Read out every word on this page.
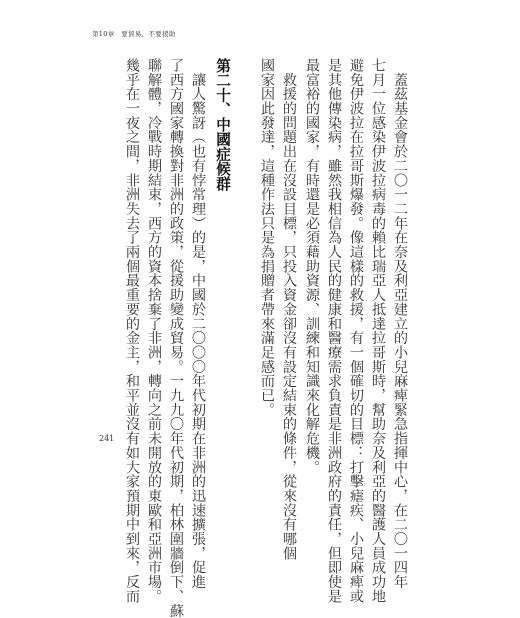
第10章　要貿易，不要援助
　蓋茲基金會於二〇一二年在奈及利亞建立的小兒麻痺緊急指揮中心，在二〇一四年
七月一位感染伊波拉病毒的賴比瑞亞人抵達拉哥斯時，幫助奈及利亞的醫護人員成功地
避免伊波拉在拉哥斯爆發。像這樣的救援，有一個確切的目標：打擊瘧疾、小兒麻痺或
是其他傳染病，雖然我相信為人民的健康和醫療需求負責是非洲政府的責任，但即使是
最富裕的國家，有時還是必須藉助資源、訓練和知識來化解危機。
　救援的問題出在沒設目標，只投入資金卻沒有設定結束的條件，從來沒有哪個
國家因此發達，這種作法只是為捐贈者帶來滿足感而已。
第二十、中國症候群
　讓人驚訝（也有悖常理）的是，中國於二〇〇〇年代初期在非洲的迅速擴張，促進
了西方國家轉換對非洲的政策，從援助變成貿易。一九九〇年代初期，柏林圍牆倒下、蘇
聯解體，冷戰時期結束，西方的資本捨棄了非洲，轉向之前未開放的東歐和亞洲市場。
幾乎在一夜之間，非洲失去了兩個最重要的金主，和平並沒有如大家預期中到來，反而
241
